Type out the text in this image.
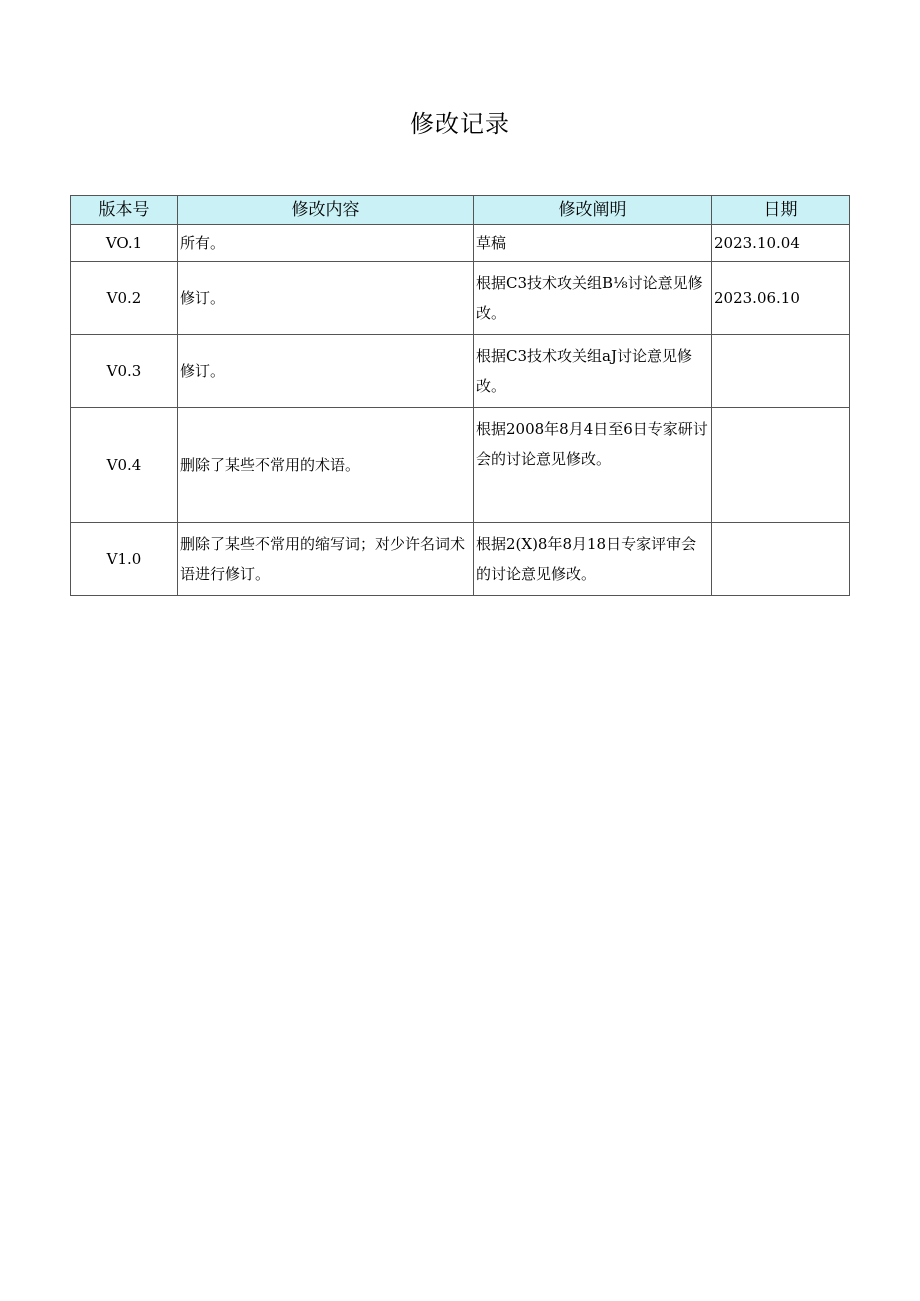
修改记录
版本号	修改内容	修改阐明	日期
VO.1	所有。	草稿	2023.10.04
V0.2	修订。	根据C3技术攻关组B⅛讨论意见修改。	2023.06.10
V0.3	修订。	根据C3技术攻关组aJ讨论意见修改。	
V0.4	删除了某些不常用的术语。	根据2008年8月4日至6日专家研讨会的讨论意见修改。	
V1.0	删除了某些不常用的缩写词；对少许名词术语进行修订。	根据2(X)8年8月18日专家评审会的讨论意见修改。	
